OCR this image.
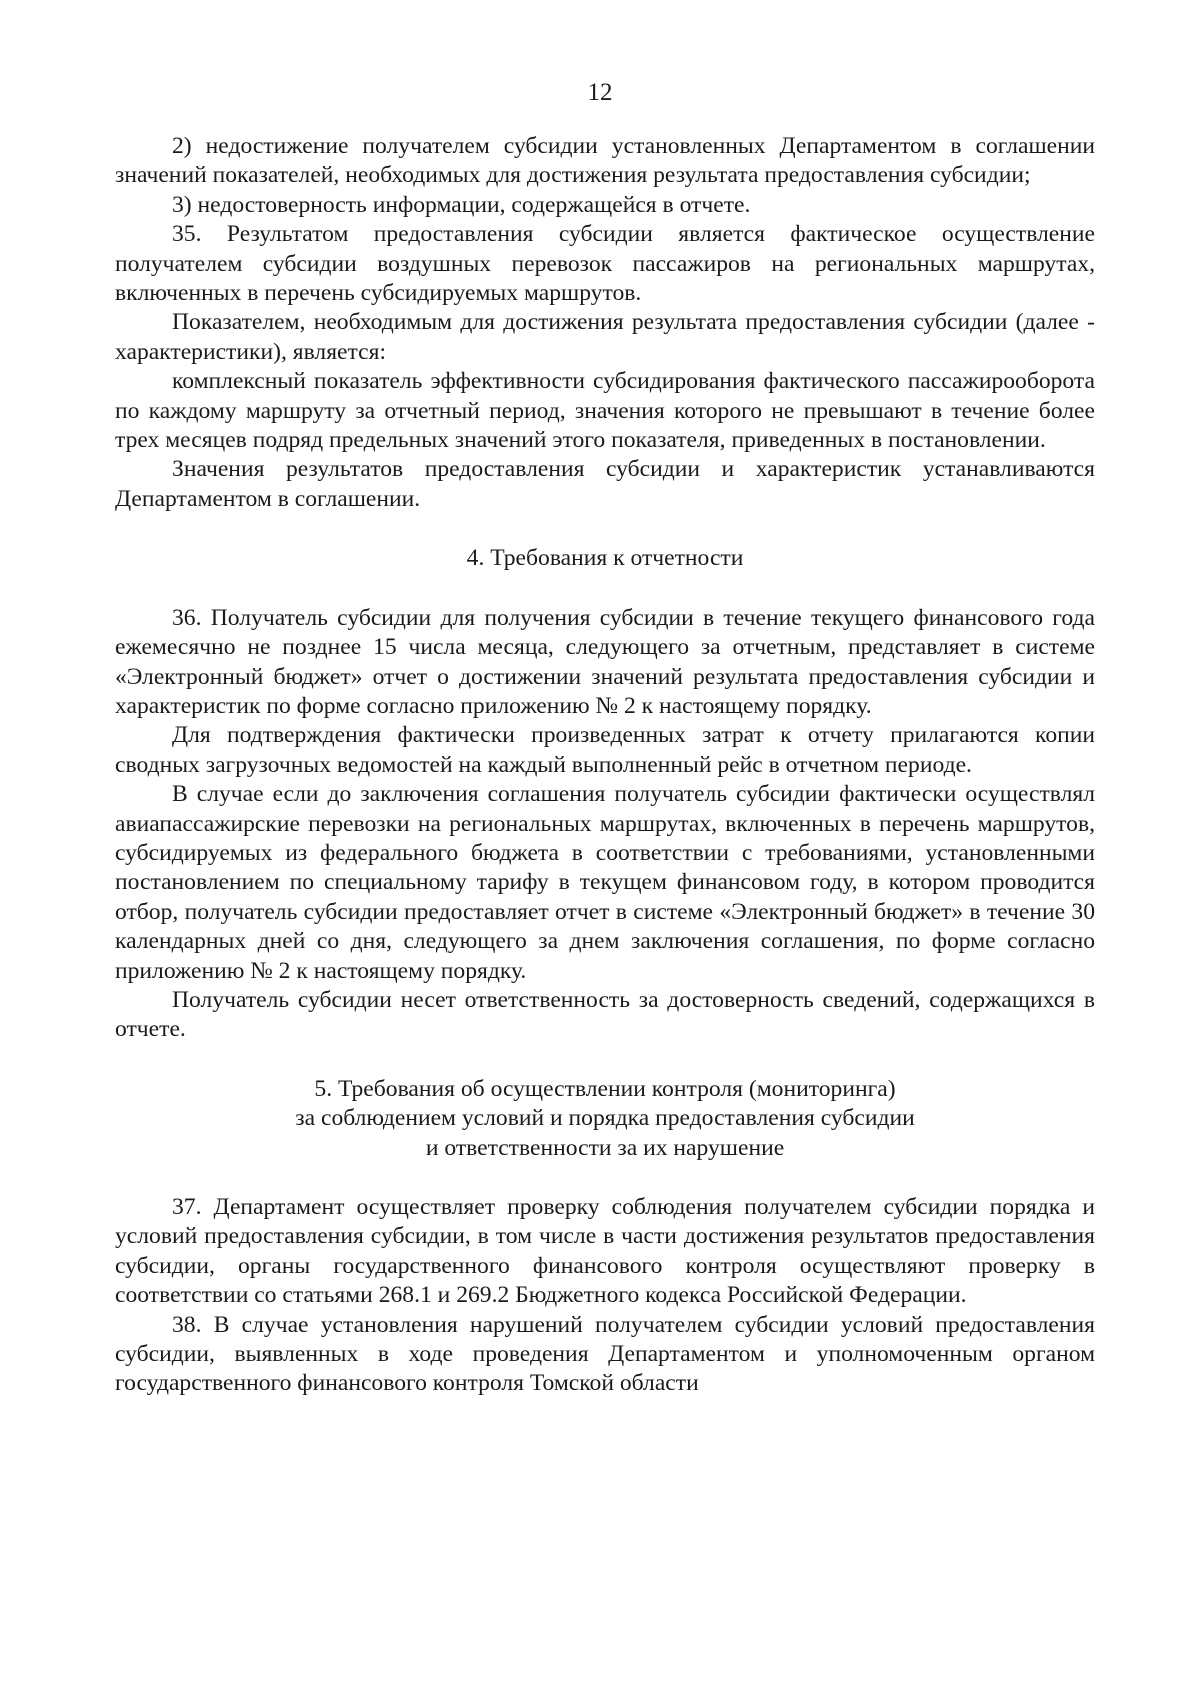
12

2) недостижение получателем субсидии установленных Департаментом в соглашении значений показателей, необходимых для достижения результата предоставления субсидии;

3) недостоверность информации, содержащейся в отчете.

35. Результатом предоставления субсидии является фактическое осуществление получателем субсидии воздушных перевозок пассажиров на региональных маршрутах, включенных в перечень субсидируемых маршрутов.

Показателем, необходимым для достижения результата предоставления субсидии (далее - характеристики), является:

комплексный показатель эффективности субсидирования фактического пассажирооборота по каждому маршруту за отчетный период, значения которого не превышают в течение более трех месяцев подряд предельных значений этого показателя, приведенных в постановлении.

Значения результатов предоставления субсидии и характеристик устанавливаются Департаментом в соглашении.

4. Требования к отчетности

36. Получатель субсидии для получения субсидии в течение текущего финансового года ежемесячно не позднее 15 числа месяца, следующего за отчетным, представляет в системе «Электронный бюджет» отчет о достижении значений результата предоставления субсидии и характеристик по форме согласно приложению № 2 к настоящему порядку.

Для подтверждения фактически произведенных затрат к отчету прилагаются копии сводных загрузочных ведомостей на каждый выполненный рейс в отчетном периоде.

В случае если до заключения соглашения получатель субсидии фактически осуществлял авиапассажирские перевозки на региональных маршрутах, включенных в перечень маршрутов, субсидируемых из федерального бюджета в соответствии с требованиями, установленными постановлением по специальному тарифу в текущем финансовом году, в котором проводится отбор, получатель субсидии предоставляет отчет в системе «Электронный бюджет» в течение 30 календарных дней со дня, следующего за днем заключения соглашения, по форме согласно приложению № 2 к настоящему порядку.

Получатель субсидии несет ответственность за достоверность сведений, содержащихся в отчете.

5. Требования об осуществлении контроля (мониторинга)
за соблюдением условий и порядка предоставления субсидии
и ответственности за их нарушение

37. Департамент осуществляет проверку соблюдения получателем субсидии порядка и условий предоставления субсидии, в том числе в части достижения результатов предоставления субсидии, органы государственного финансового контроля осуществляют проверку в соответствии со статьями 268.1 и 269.2 Бюджетного кодекса Российской Федерации.

38. В случае установления нарушений получателем субсидии условий предоставления субсидии, выявленных в ходе проведения Департаментом и уполномоченным органом государственного финансового контроля Томской области
